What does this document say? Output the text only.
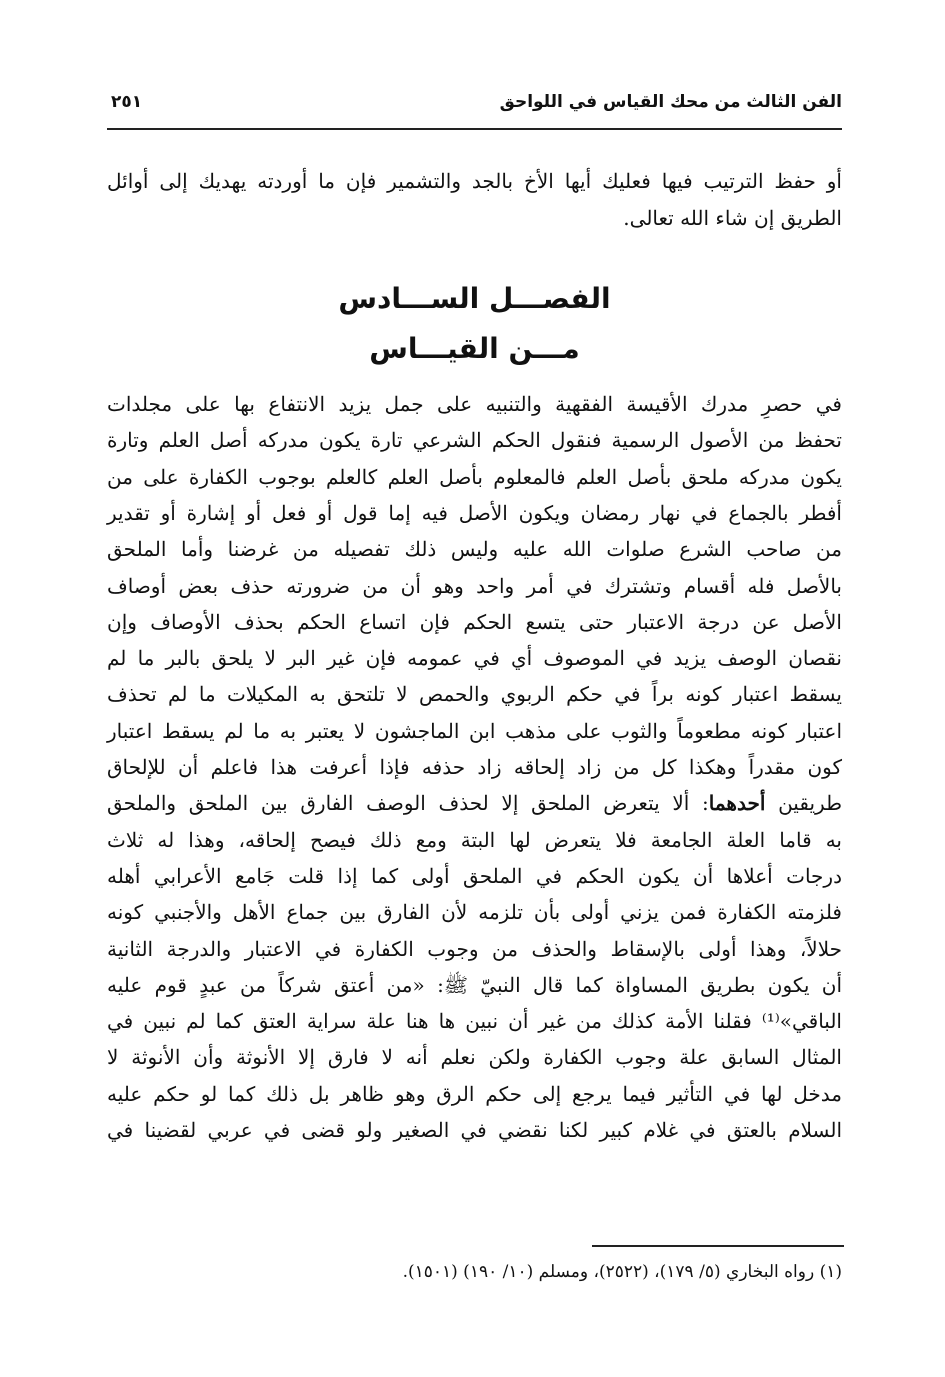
الفن الثالث من محك القياس في اللواحق
٢٥١
أو حفظ الترتيب فيها فعليك أيها الأخ بالجد والتشمير فإن ما أوردته يهديك إلى أوائل
الطريق إن شاء الله تعالى.
الفصـــل الســـادس
مـــن القيـــاس
في حصرِ مدرك الأقيسة الفقهية والتنبيه على جمل يزيد الانتفاع بها على مجلدات
تحفظ من الأصول الرسمية فنقول الحكم الشرعي تارة يكون مدركه أصل العلم وتارة
يكون مدركه ملحق بأصل العلم فالمعلوم بأصل العلم كالعلم بوجوب الكفارة على من
أفطر بالجماع في نهار رمضان ويكون الأصل فيه إما قول أو فعل أو إشارة أو تقدير
من صاحب الشرع صلوات الله عليه وليس ذلك تفصيله من غرضنا وأما الملحق
بالأصل فله أقسام وتشترك في أمر واحد وهو أن من ضرورته حذف بعض أوصاف
الأصل عن درجة الاعتبار حتى يتسع الحكم فإن اتساع الحكم بحذف الأوصاف وإن
نقصان الوصف يزيد في الموصوف أي في عمومه فإن غير البر لا يلحق بالبر ما لم
يسقط اعتبار كونه براً في حكم الربوي والحمص لا تلتحق به المكيلات ما لم تحذف
اعتبار كونه مطعوماً والثوب على مذهب ابن الماجشون لا يعتبر به ما لم يسقط اعتبار
كون مقدراً وهكذا كل من زاد إلحاقه زاد حذفه فإذا أعرفت هذا فاعلم أن للإلحاق
طريقين أحدهما: ألا يتعرض الملحق إلا لحذف الوصف الفارق بين الملحق والملحق
به قاما العلة الجامعة فلا يتعرض لها البتة ومع ذلك فيصح إلحاقه، وهذا له ثلاث
درجات أعلاها أن يكون الحكم في الملحق أولى كما إذا قلت جَامع الأعرابي أهله
فلزمته الكفارة فمن يزني أولى بأن تلزمه لأن الفارق بين جماع الأهل والأجنبي كونه
حلالاً، وهذا أولى بالإسقاط والحذف من وجوب الكفارة في الاعتبار والدرجة الثانية
أن يكون بطريق المساواة كما قال النبيّ ﷺ: «من أعتق شركاً من عبدٍ قوم عليه
الباقي»⁽¹⁾ فقلنا الأمة كذلك من غير أن نبين ها هنا علة سراية العتق كما لم نبين في
المثال السابق علة وجوب الكفارة ولكن نعلم أنه لا فارق إلا الأنوثة وأن الأنوثة لا
مدخل لها في التأثير فيما يرجع إلى حكم الرق وهو ظاهر بل ذلك كما لو حكم عليه
السلام بالعتق في غلام كبير لكنا نقضي في الصغير ولو قضى في عربي لقضينا في
(١) رواه البخاري (٥/ ١٧٩)، (٢٥٢٢)، ومسلم (١٠/ ١٩٠) (١٥٠١).
